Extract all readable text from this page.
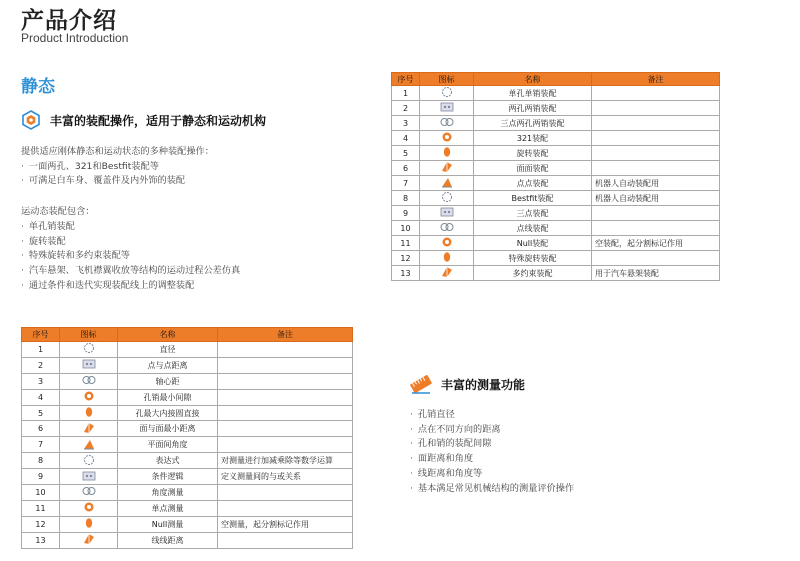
产品介绍
Product Introduction
静态
丰富的装配操作，适用于静态和运动机构

提供适应刚体静态和运动状态的多种装配操作：

· 一面两孔、321和Bestfit装配等
· 可满足白车身、覆盖件及内外饰的装配

运动态装配包含：

· 单孔销装配
· 旋转装配
· 特殊旋转和多约束装配等
· 汽车悬架、飞机襟翼收放等结构的运动过程公差仿真
· 通过条件和迭代实现装配线上的调整装配
丰富的测量功能
· 孔销直径
· 点在不同方向的距离
· 孔和销的装配间隙
· 面距离和角度
· 线距离和角度等
· 基本满足常见机械结构的测量评价操作
序号	图标	名称	备注
1		单孔单销装配	
2		两孔两销装配	
3		三点两孔两销装配	
4		321装配	
5		旋转装配	
6		面面装配	
7		点点装配	机器人自动装配用
8		Bestfit装配	机器人自动装配用
9		三点装配	
10		点线装配	
11		Null装配	空装配，起分割标记作用
12		特殊旋转装配	
13		多约束装配	用于汽车悬架装配
序号	图标	名称	备注
1		直径	
2		点与点距离	
3		轴心距	
4		孔销最小间隙	
5		孔最大内接圆直接	
6		面与面最小距离	
7		平面间角度	
8		表达式	对测量进行加减乘除等数学运算
9		条件逻辑	定义测量间的与或关系
10		角度测量	
11		单点测量	
12		Null测量	空测量，起分割标记作用
13		线线距离	
